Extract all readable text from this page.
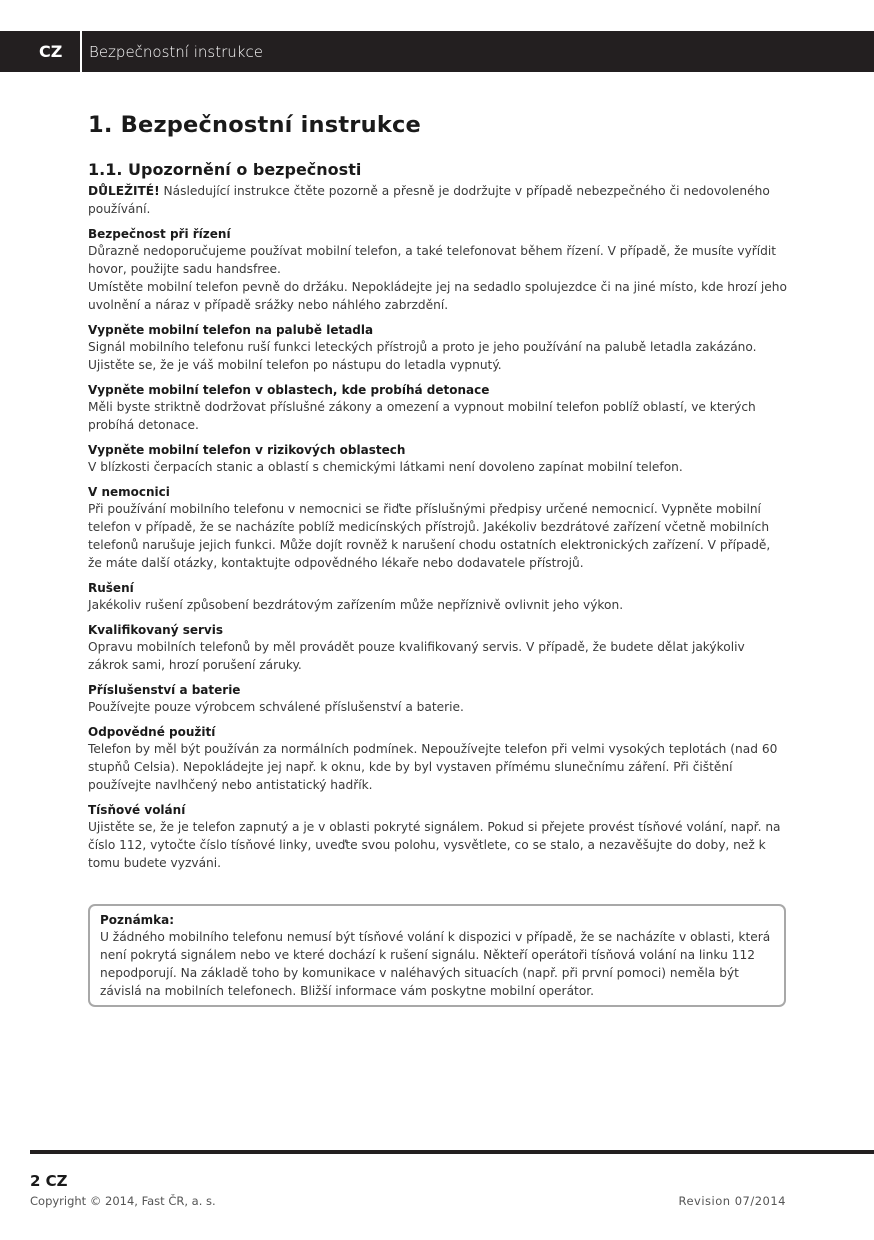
CZ	Bezpečnostní instrukce
1. Bezpečnostní instrukce
1.1. Upozornění o bezpečnosti

DŮLEŽITÉ! Následující instrukce čtěte pozorně a přesně je dodržujte v případě nebezpečného či nedovoleného používání.

Bezpečnost při řízení

Důrazně nedoporučujeme používat mobilní telefon, a také telefonovat během řízení. V případě, že musíte vyřídit hovor, použijte sadu handsfree.

Umístěte mobilní telefon pevně do držáku. Nepokládejte jej na sedadlo spolujezdce či na jiné místo, kde hrozí jeho uvolnění a náraz v případě srážky nebo náhlého zabrzdění.

Vypněte mobilní telefon na palubě letadla

Signál mobilního telefonu ruší funkci leteckých přístrojů a proto je jeho používání na palubě letadla zakázáno. Ujistěte se, že je váš mobilní telefon po nástupu do letadla vypnutý.

Vypněte mobilní telefon v oblastech, kde probíhá detonace

Měli byste striktně dodržovat příslušné zákony a omezení a vypnout mobilní telefon poblíž oblastí, ve kterých probíhá detonace.

Vypněte mobilní telefon v rizikových oblastech

V blízkosti čerpacích stanic a oblastí s chemickými látkami není dovoleno zapínat mobilní telefon.

V nemocnici

Při používání mobilního telefonu v nemocnici se řiďte příslušnými předpisy určené nemocnicí. Vypněte mobilní telefon v případě, že se nacházíte poblíž medicínských přístrojů. Jakékoliv bezdrátové zařízení včetně mobilních telefonů narušuje jejich funkci. Může dojít rovněž k narušení chodu ostatních elektronických zařízení. V případě, že máte další otázky, kontaktujte odpovědného lékaře nebo dodavatele přístrojů.

Rušení

Jakékoliv rušení způsobení bezdrátovým zařízením může nepříznivě ovlivnit jeho výkon.

Kvalifikovaný servis

Opravu mobilních telefonů by měl provádět pouze kvalifikovaný servis. V případě, že budete dělat jakýkoliv zákrok sami, hrozí porušení záruky.

Příslušenství a baterie

Používejte pouze výrobcem schválené příslušenství a baterie.

Odpovědné použití

Telefon by měl být používán za normálních podmínek. Nepoužívejte telefon při velmi vysokých teplotách (nad 60 stupňů Celsia). Nepokládejte jej např. k oknu, kde by byl vystaven přímému slunečnímu záření. Při čištění používejte navlhčený nebo antistatický hadřík.

Tísňové volání

Ujistěte se, že je telefon zapnutý a je v oblasti pokryté signálem. Pokud si přejete provést tísňové volání, např. na číslo 112, vytočte číslo tísňové linky, uveďte svou polohu, vysvětlete, co se stalo, a nezavěšujte do doby, než k tomu budete vyzváni.

Poznámka:

U žádného mobilního telefonu nemusí být tísňové volání k dispozici v případě, že se nacházíte v oblasti, která není pokrytá signálem nebo ve které dochází k rušení signálu. Někteří operátoři tísňová volání na linku 112 nepodporují. Na základě toho by komunikace v naléhavých situacích (např. při první pomoci) neměla být závislá na mobilních telefonech. Bližší informace vám poskytne mobilní operátor.

2 CZ
Copyright © 2014, Fast ČR, a. s.	Revision 07/2014
